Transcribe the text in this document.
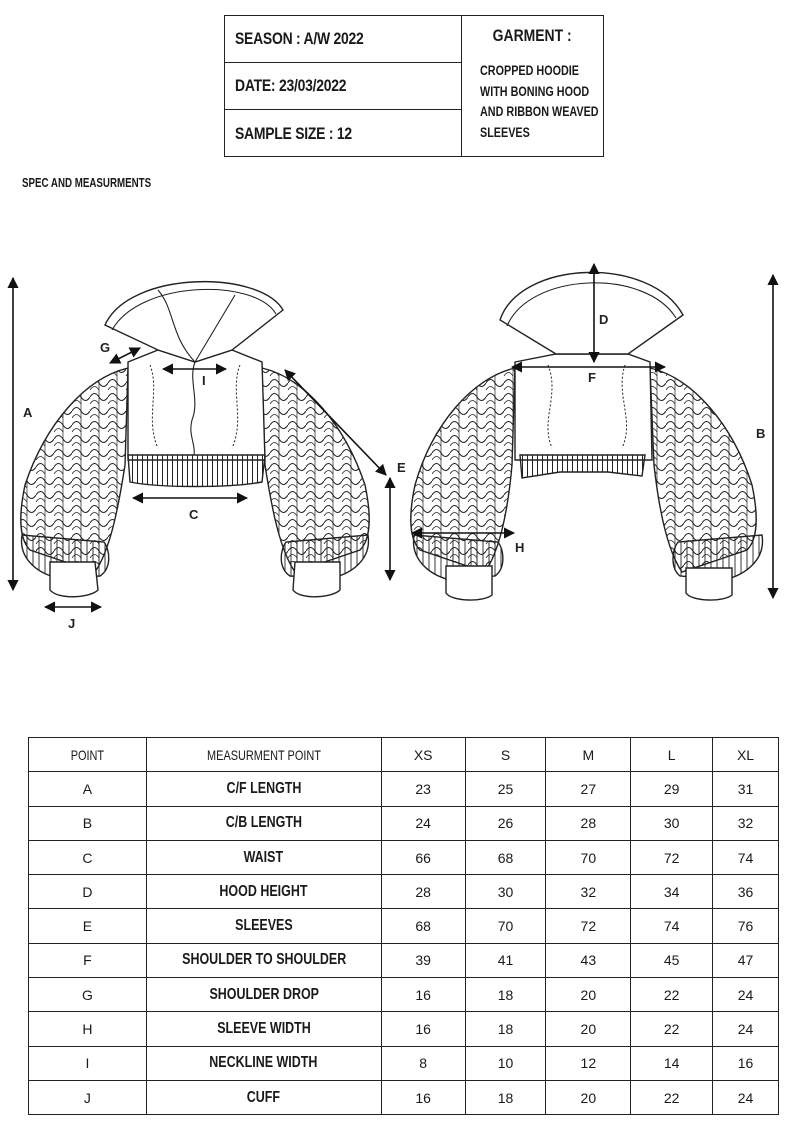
SEASON : A/W 2022
DATE: 23/03/2022
SAMPLE SIZE : 12
GARMENT :
CROPPED HOODIE
WITH BONING HOOD
AND RIBBON WEAVED
SLEEVES
SPEC AND MEASURMENTS
A
B
C
D
E
F
G
H
I
J
POINT	MEASURMENT POINT	XS	S	M	L	XL
A	C/F LENGTH	23	25	27	29	31
B	C/B LENGTH	24	26	28	30	32
C	WAIST	66	68	70	72	74
D	HOOD HEIGHT	28	30	32	34	36
E	SLEEVES	68	70	72	74	76
F	SHOULDER TO SHOULDER	39	41	43	45	47
G	SHOULDER DROP	16	18	20	22	24
H	SLEEVE WIDTH	16	18	20	22	24
I	NECKLINE WIDTH	8	10	12	14	16
J	CUFF	16	18	20	22	24
